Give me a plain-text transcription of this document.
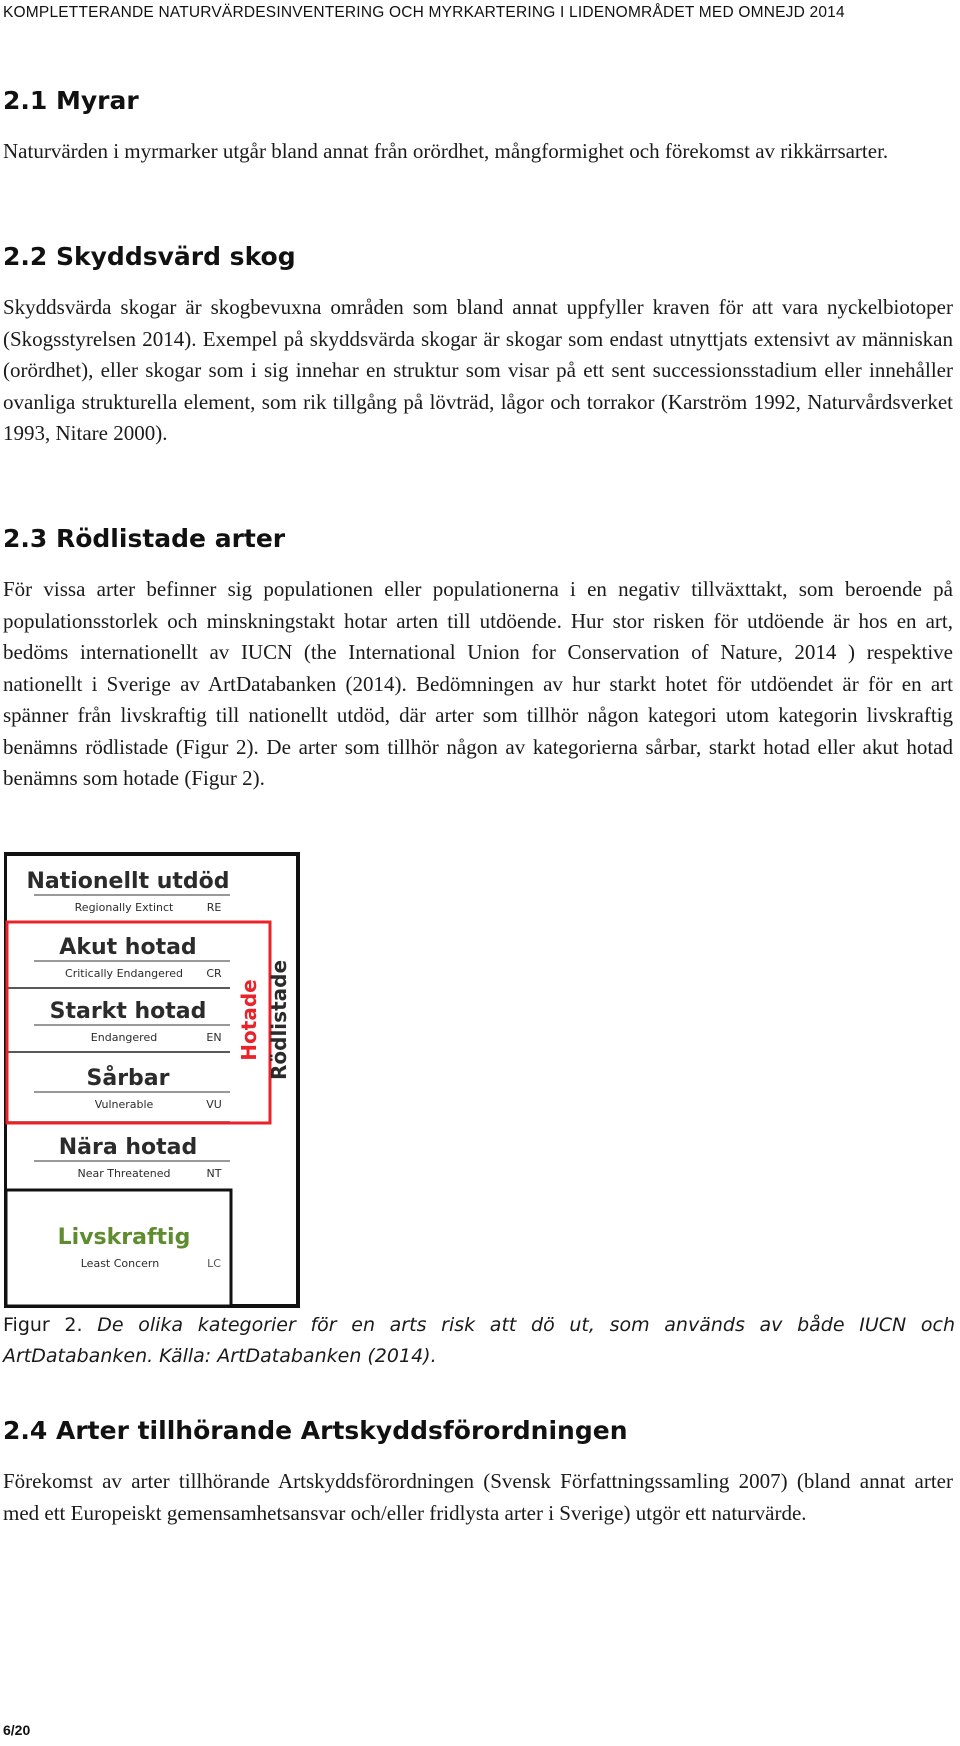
KOMPLETTERANDE NATURVÄRDESINVENTERING OCH MYRKARTERING I LIDENOMRÅDET MED OMNEJD 2014
2.1 Myrar

Naturvärden i myrmarker utgår bland annat från orördhet, mångformighet och förekomst av rikkärrsarter.

2.2 Skyddsvärd skog

Skyddsvärda skogar är skogbevuxna områden som bland annat uppfyller kraven för att vara nyckelbiotoper (Skogsstyrelsen 2014). Exempel på skyddsvärda skogar är skogar som endast utnyttjats extensivt av människan (orördhet), eller skogar som i sig innehar en struktur som visar på ett sent successionsstadium eller innehåller ovanliga strukturella element, som rik tillgång på lövträd, lågor och torrakor (Karström 1992, Naturvårdsverket 1993, Nitare 2000).

2.3 Rödlistade arter

För vissa arter befinner sig populationen eller populationerna i en negativ tillväxttakt, som beroende på populationsstorlek och minskningstakt hotar arten till utdöende. Hur stor risken för utdöende är hos en art, bedöms internationellt av IUCN (the International Union for Conservation of Nature, 2014 ) respektive nationellt i Sverige av ArtDatabanken (2014). Bedömningen av hur starkt hotet för utdöendet är för en art spänner från livskraftig till nationellt utdöd, där arter som tillhör någon kategori utom kategorin livskraftig benämns rödlistade (Figur 2). De arter som tillhör någon av kategorierna sårbar, starkt hotad eller akut hotad benämns som hotade (Figur 2).

Nationellt utdöd
Regionally Extinct	RE
Akut hotad
Critically Endangered CR
Starkt hotad
Endangered	EN
Sårbar
Vulnerable	VU
Nära hotad
Near Threatened	NT
Livskraftig
Least Concern	LC
Hotade Rödlistade
Figur 2. De olika kategorier för en arts risk att dö ut, som används av både IUCN och ArtDatabanken. Källa: ArtDatabanken (2014).
2.4 Arter tillhörande Artskyddsförordningen

Förekomst av arter tillhörande Artskyddsförordningen (Svensk Författningssamling 2007) (bland annat arter med ett Europeiskt gemensamhetsansvar och/eller fridlysta arter i Sverige) utgör ett naturvärde.

6/20
